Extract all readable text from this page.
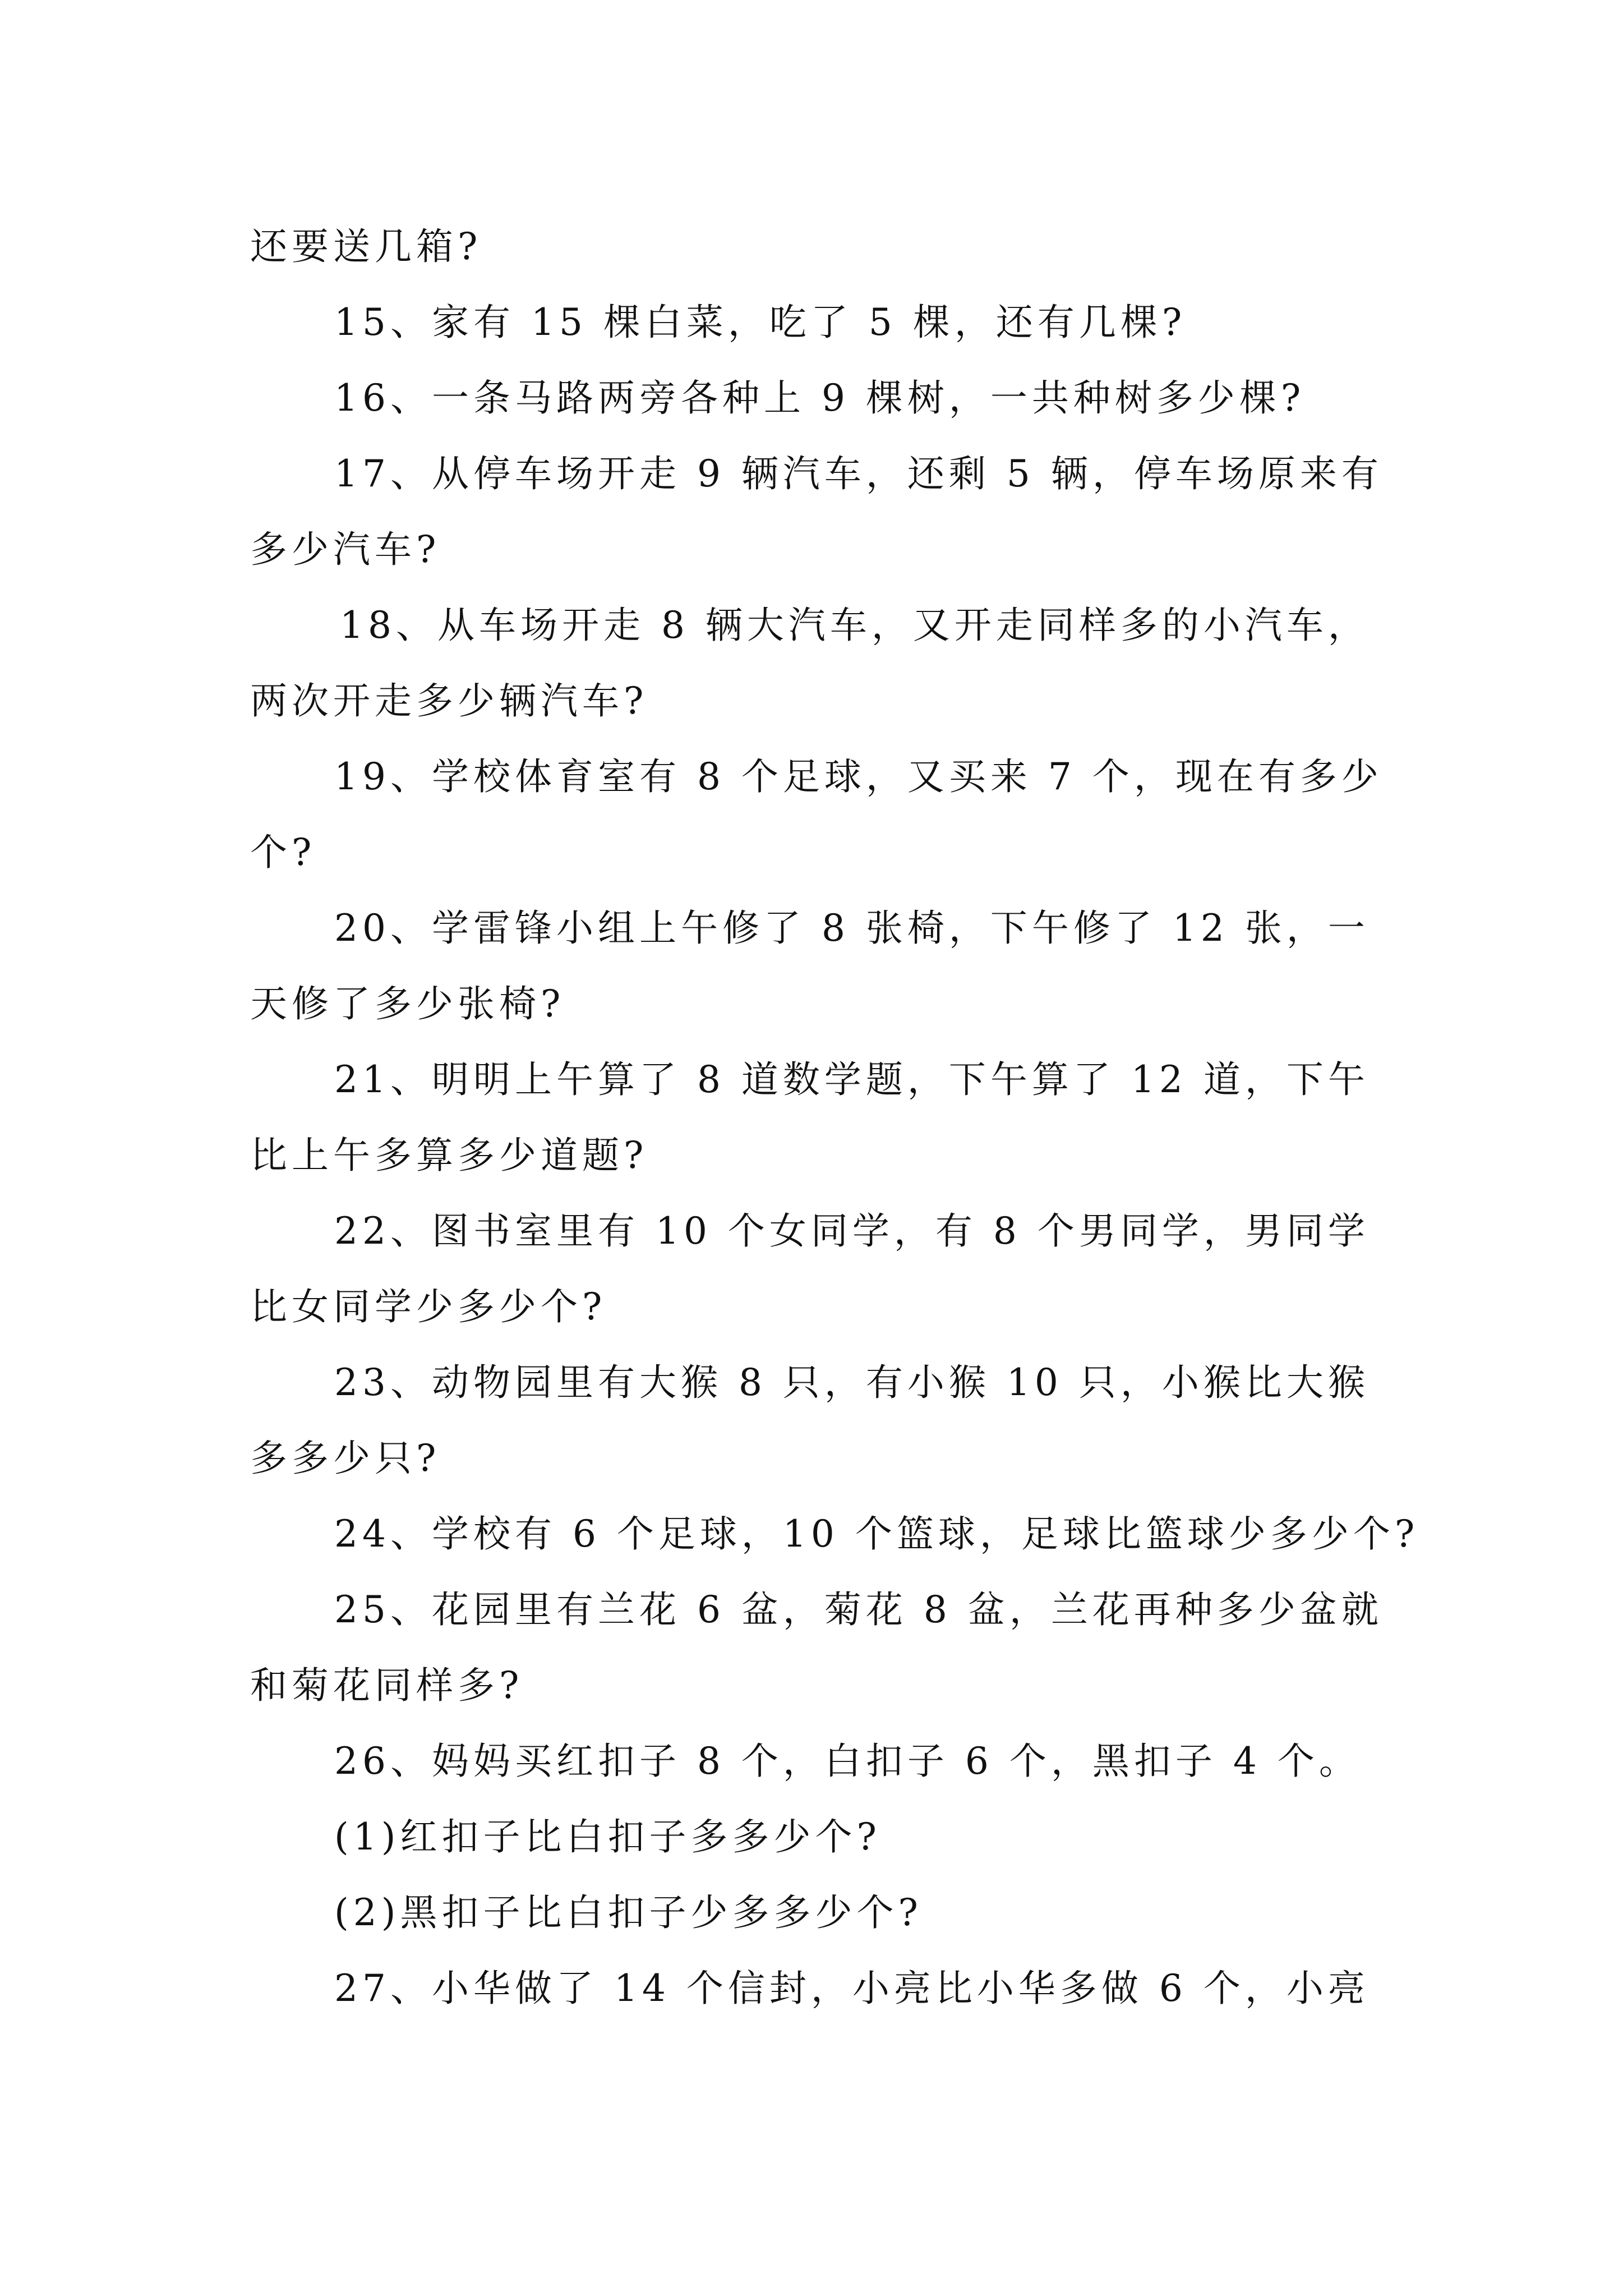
还要送几箱?
15、家有 15 棵白菜，吃了 5 棵，还有几棵?
16、一条马路两旁各种上 9 棵树，一共种树多少棵?
17、从停车场开走 9 辆汽车，还剩 5 辆，停车场原来有
多少汽车?
18、从车场开走 8 辆大汽车，又开走同样多的小汽车，
两次开走多少辆汽车?
19、学校体育室有 8 个足球，又买来 7 个，现在有多少
个?
20、学雷锋小组上午修了 8 张椅，下午修了 12 张，一
天修了多少张椅?
21、明明上午算了 8 道数学题，下午算了 12 道，下午
比上午多算多少道题?
22、图书室里有 10 个女同学，有 8 个男同学，男同学
比女同学少多少个?
23、动物园里有大猴 8 只，有小猴 10 只，小猴比大猴
多多少只?
24、学校有 6 个足球，10 个篮球，足球比篮球少多少个?
25、花园里有兰花 6 盆，菊花 8 盆，兰花再种多少盆就
和菊花同样多?
26、妈妈买红扣子 8 个，白扣子 6 个，黑扣子 4 个。
(1)红扣子比白扣子多多少个?
(2)黑扣子比白扣子少多多少个?
27、小华做了 14 个信封，小亮比小华多做 6 个，小亮
